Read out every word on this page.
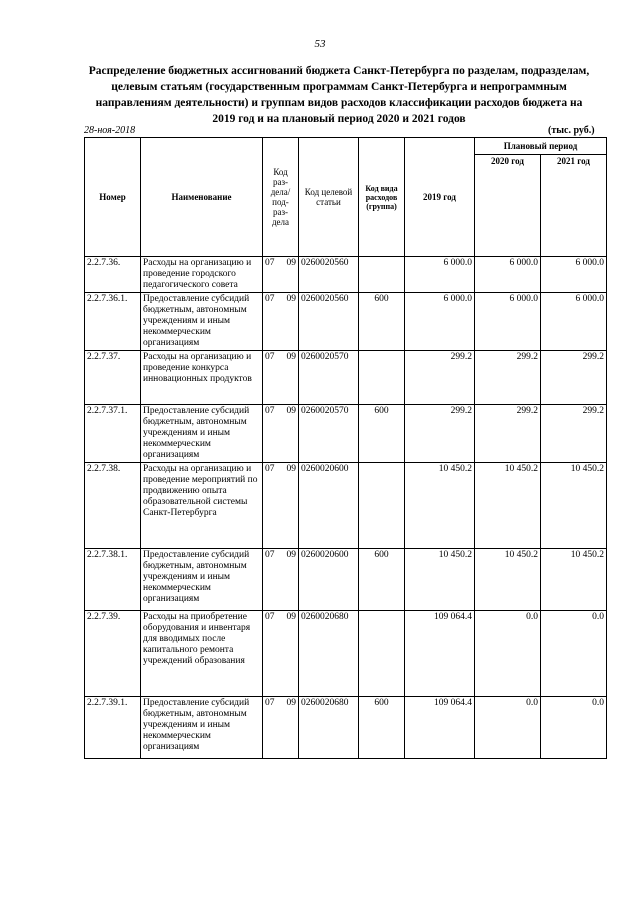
53
Распределение бюджетных ассигнований бюджета Санкт-Петербурга по разделам, подразделам, целевым статьям (государственным программам Санкт-Петербурга и непрограммным направлениям деятельности) и группам видов расходов классификации расходов бюджета на 2019 год и на плановый период 2020 и 2021 годов
28-ноя-2018	(тыс. руб.)
Номер	Наименование	Код раз-дела/ под-раз-дела	Код целевой статьи	Код вида расходов (группа)	2019 год	Плановый период	
						2020 год	2021 год
2.2.7.36.	Расходы на организацию и проведение городского педагогического совета	07 09	0260020560		6 000.0	6 000.0	6 000.0
2.2.7.36.1.	Предоставление субсидий бюджетным, автономным учреждениям и иным некоммерческим организациям	07 09	0260020560	600	6 000.0	6 000.0	6 000.0
2.2.7.37.	Расходы на организацию и проведение конкурса инновационных продуктов	07 09	0260020570		299.2	299.2	299.2
2.2.7.37.1.	Предоставление субсидий бюджетным, автономным учреждениям и иным некоммерческим организациям	07 09	0260020570	600	299.2	299.2	299.2
2.2.7.38.	Расходы на организацию и проведение мероприятий по продвижению опыта образовательной системы Санкт-Петербурга	07 09	0260020600		10 450.2	10 450.2	10 450.2
2.2.7.38.1.	Предоставление субсидий бюджетным, автономным учреждениям и иным некоммерческим организациям	07 09	0260020600	600	10 450.2	10 450.2	10 450.2
2.2.7.39.	Расходы на приобретение оборудования и инвентаря для вводимых после капитального ремонта учреждений образования	07 09	0260020680		109 064.4	0.0	0.0
2.2.7.39.1.	Предоставление субсидий бюджетным, автономным учреждениям и иным некоммерческим организациям	07 09	0260020680	600	109 064.4	0.0	0.0
